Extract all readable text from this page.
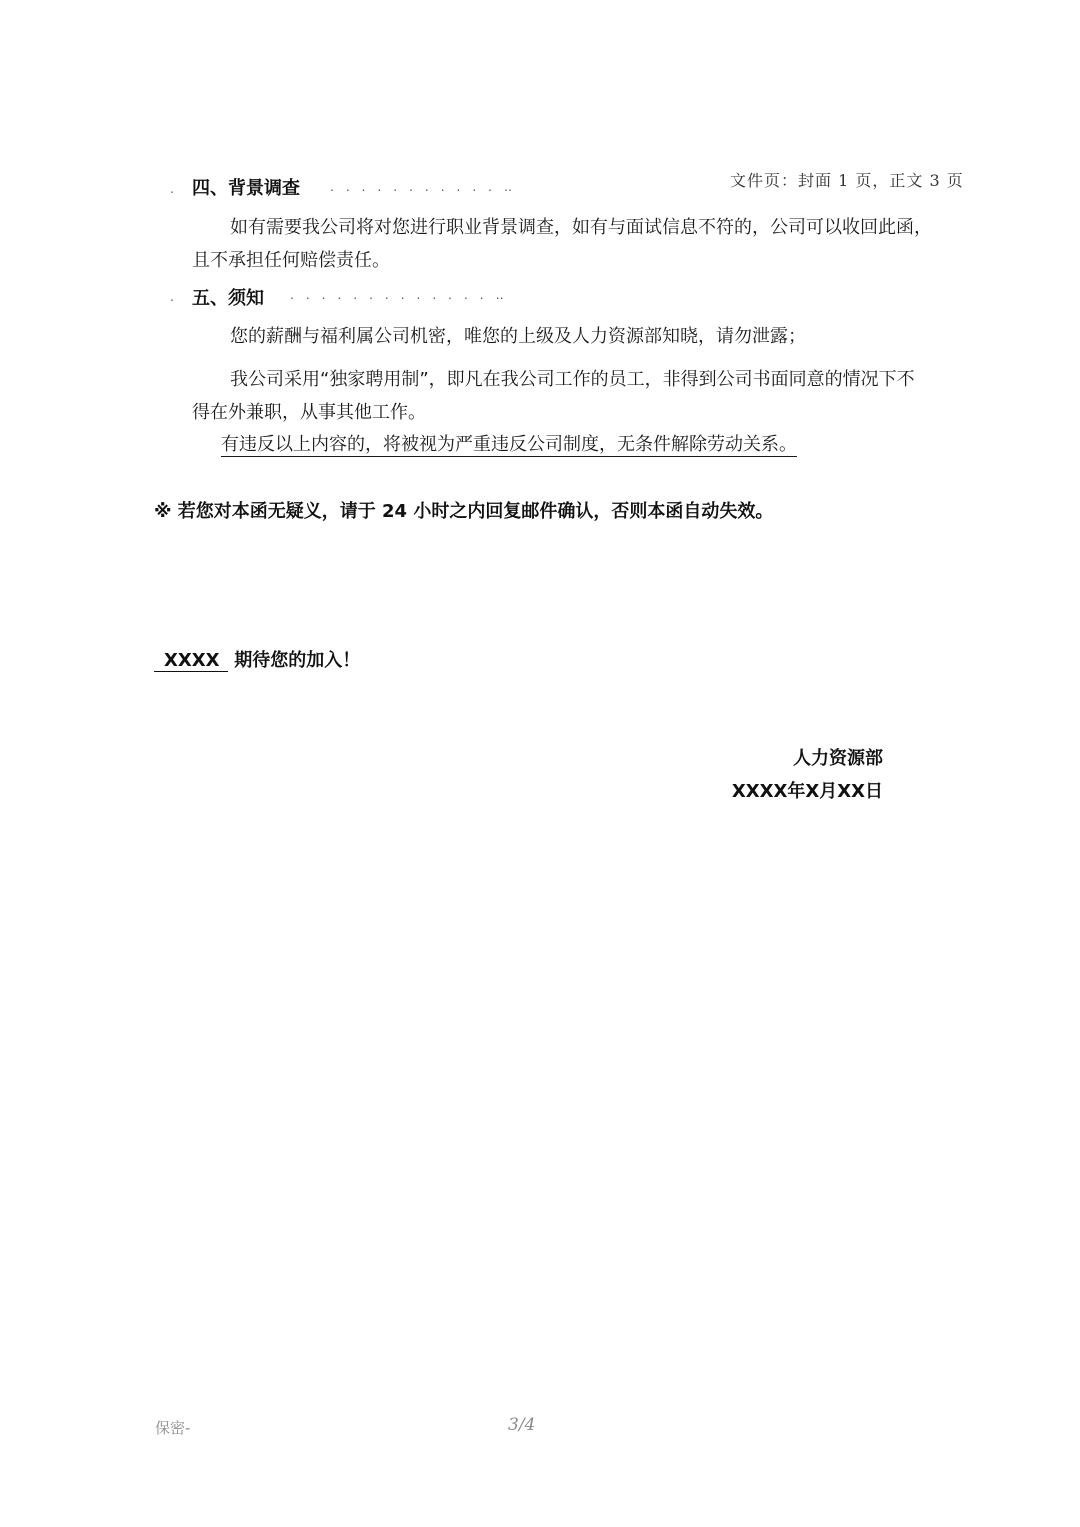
文件页：封面 1 页，正文 3 页
. 四、背景调查	...........‥
如有需要我公司将对您进行职业背景调查，如有与面试信息不符的，公司可以收回此函，
且不承担任何赔偿责任。
. 五、须知 .............‥
您的薪酬与福利属公司机密，唯您的上级及人力资源部知晓，请勿泄露；
我公司采用“独家聘用制”，即凡在我公司工作的员工，非得到公司书面同意的情况下不
得在外兼职，从事其他工作。
有违反以上内容的，将被视为严重违反公司制度，无条件解除劳动关系。
※ 若您对本函无疑义，请于 24 小时之内回复邮件确认，否则本函自动失效。
XXXX 期待您的加入！
人力资源部
XXXX年X月XX日
保密-	3/4
